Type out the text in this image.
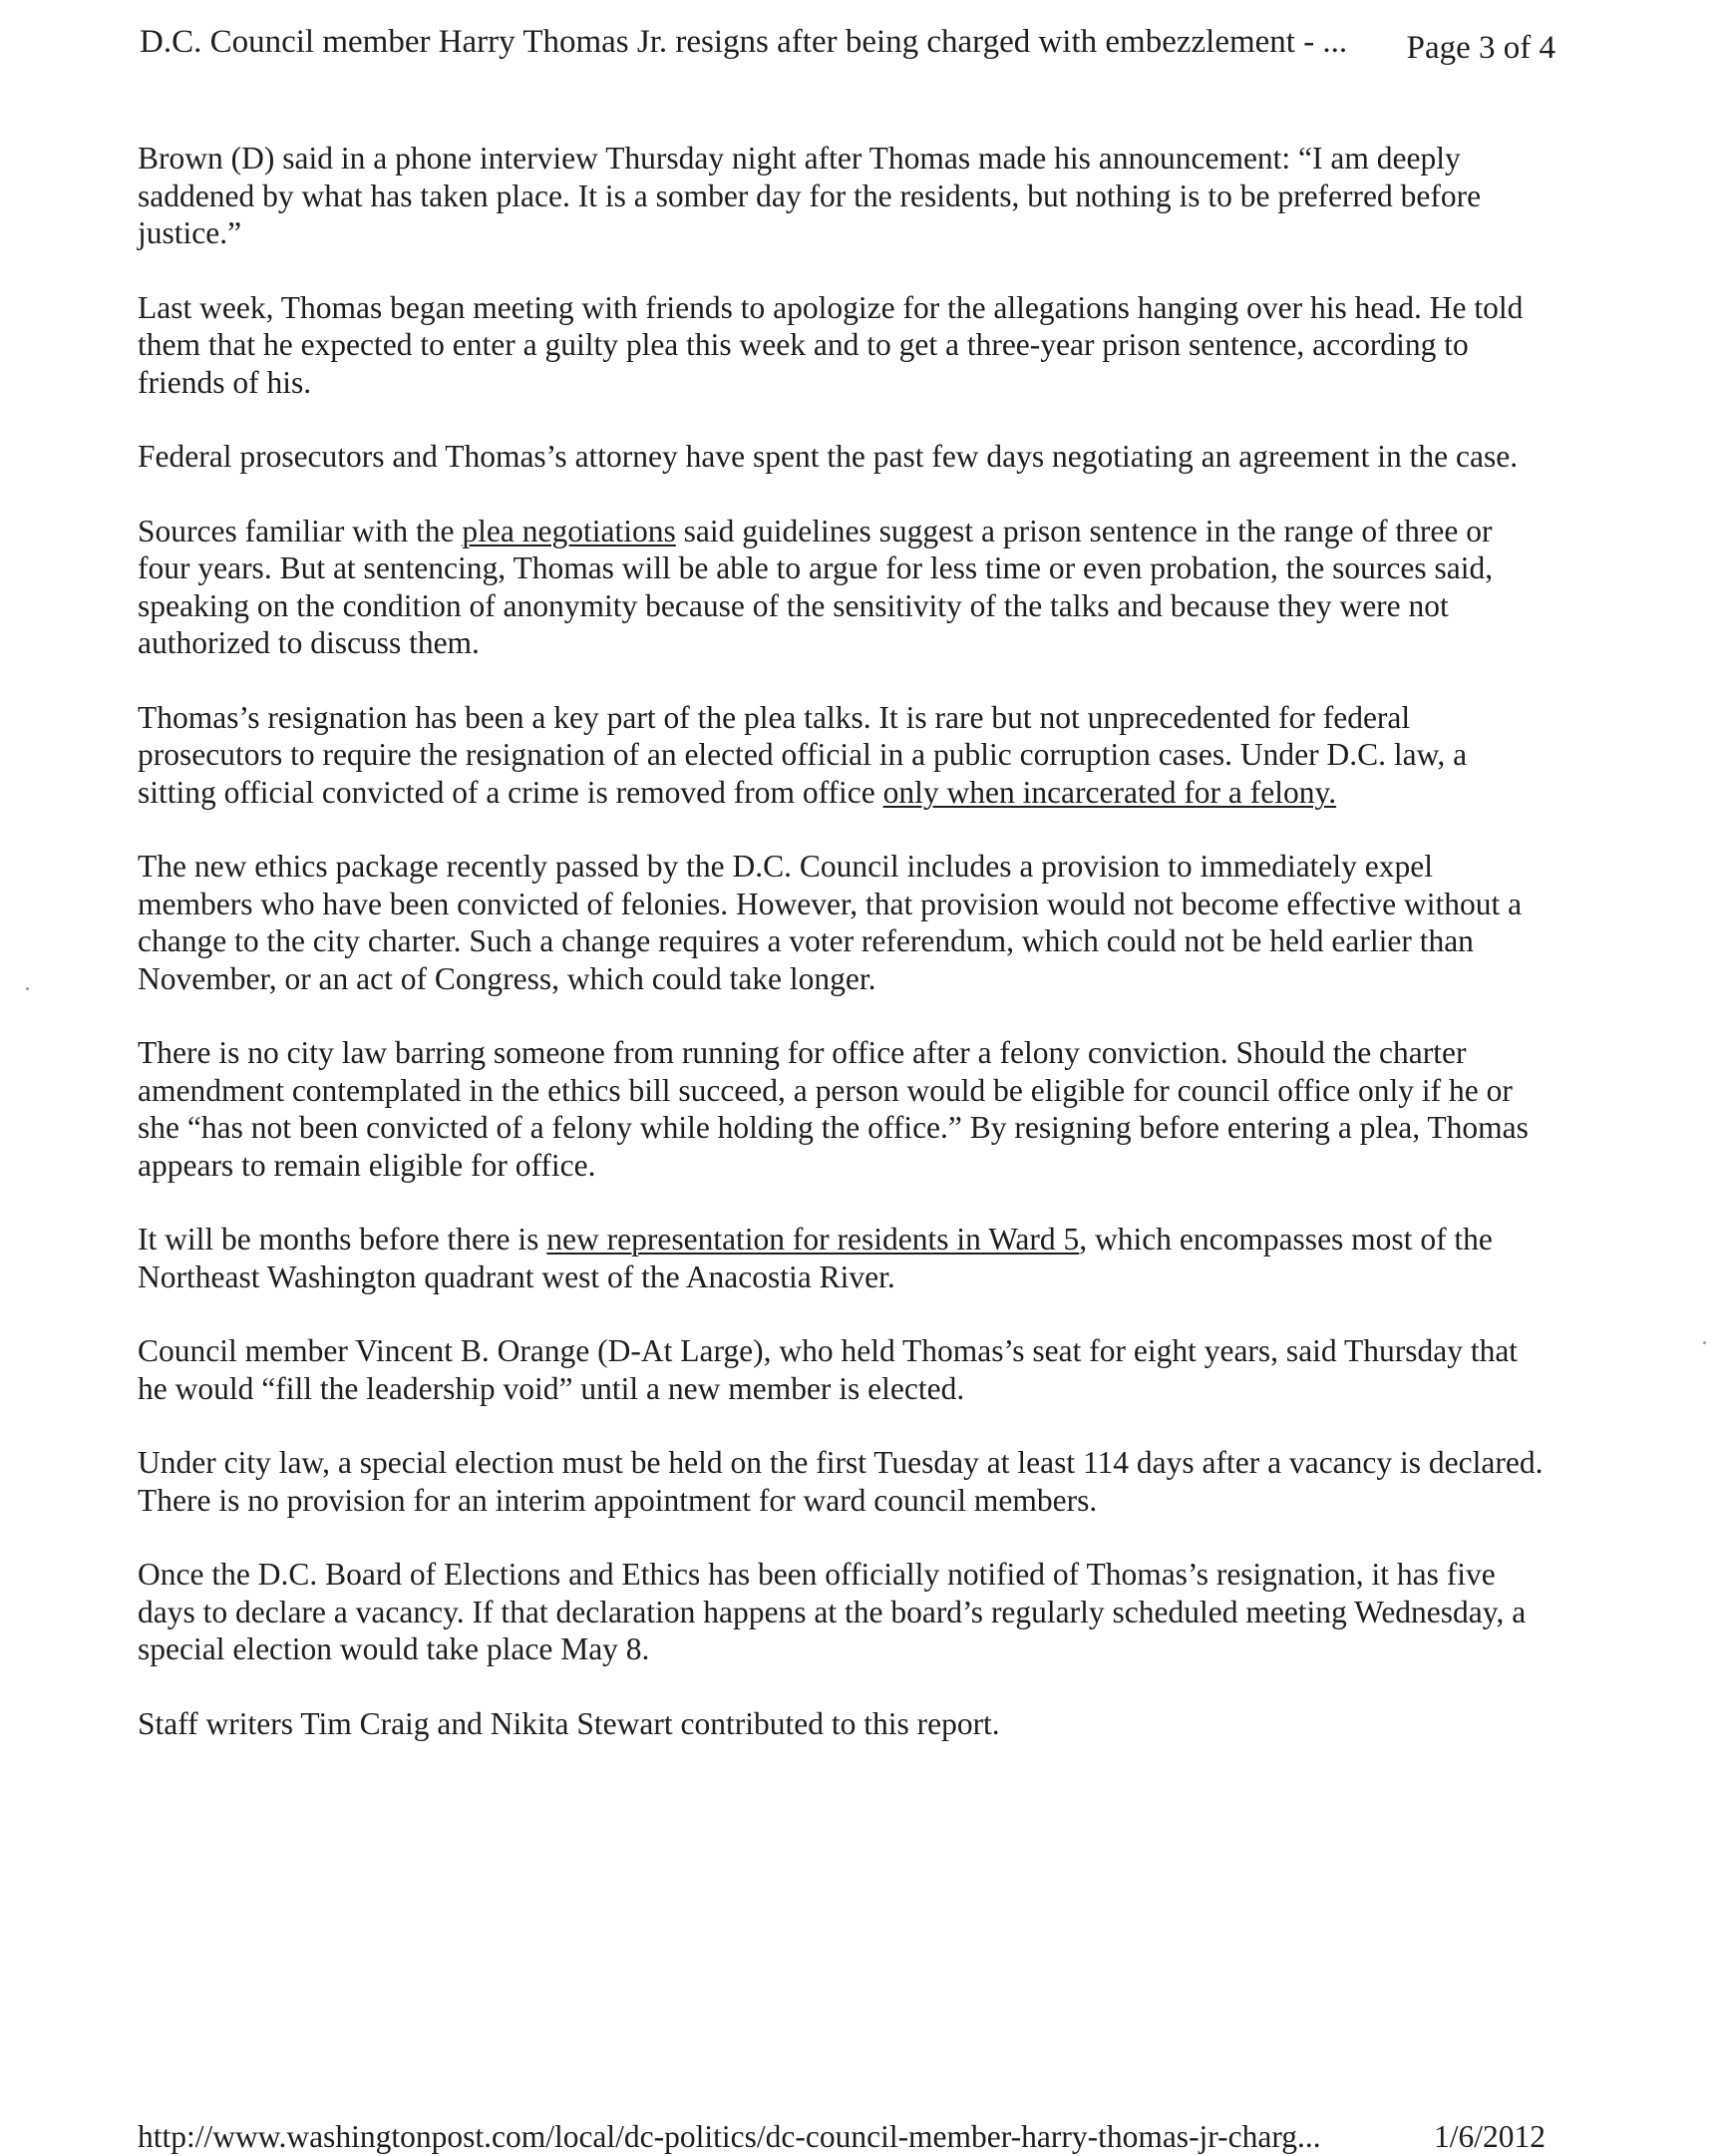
D.C. Council member Harry Thomas Jr. resigns after being charged with embezzlement - ... Page 3 of 4

Brown (D) said in a phone interview Thursday night after Thomas made his announcement: “I am deeply saddened by what has taken place. It is a somber day for the residents, but nothing is to be preferred before justice.”

Last week, Thomas began meeting with friends to apologize for the allegations hanging over his head. He told them that he expected to enter a guilty plea this week and to get a three-year prison sentence, according to friends of his.

Federal prosecutors and Thomas’s attorney have spent the past few days negotiating an agreement in the case.

Sources familiar with the plea negotiations said guidelines suggest a prison sentence in the range of three or four years. But at sentencing, Thomas will be able to argue for less time or even probation, the sources said, speaking on the condition of anonymity because of the sensitivity of the talks and because they were not authorized to discuss them.

Thomas’s resignation has been a key part of the plea talks. It is rare but not unprecedented for federal prosecutors to require the resignation of an elected official in a public corruption cases. Under D.C. law, a sitting official convicted of a crime is removed from office only when incarcerated for a felony.

The new ethics package recently passed by the D.C. Council includes a provision to immediately expel members who have been convicted of felonies. However, that provision would not become effective without a change to the city charter. Such a change requires a voter referendum, which could not be held earlier than November, or an act of Congress, which could take longer.

There is no city law barring someone from running for office after a felony conviction. Should the charter amendment contemplated in the ethics bill succeed, a person would be eligible for council office only if he or she “has not been convicted of a felony while holding the office.” By resigning before entering a plea, Thomas appears to remain eligible for office.

It will be months before there is new representation for residents in Ward 5, which encompasses most of the Northeast Washington quadrant west of the Anacostia River.

Council member Vincent B. Orange (D-At Large), who held Thomas’s seat for eight years, said Thursday that he would “fill the leadership void” until a new member is elected.

Under city law, a special election must be held on the first Tuesday at least 114 days after a vacancy is declared. There is no provision for an interim appointment for ward council members.

Once the D.C. Board of Elections and Ethics has been officially notified of Thomas’s resignation, it has five days to declare a vacancy. If that declaration happens at the board’s regularly scheduled meeting Wednesday, a special election would take place May 8.

Staff writers Tim Craig and Nikita Stewart contributed to this report.

http://www.washingtonpost.com/local/dc-politics/dc-council-member-harry-thomas-jr-charg...	1/6/2012
